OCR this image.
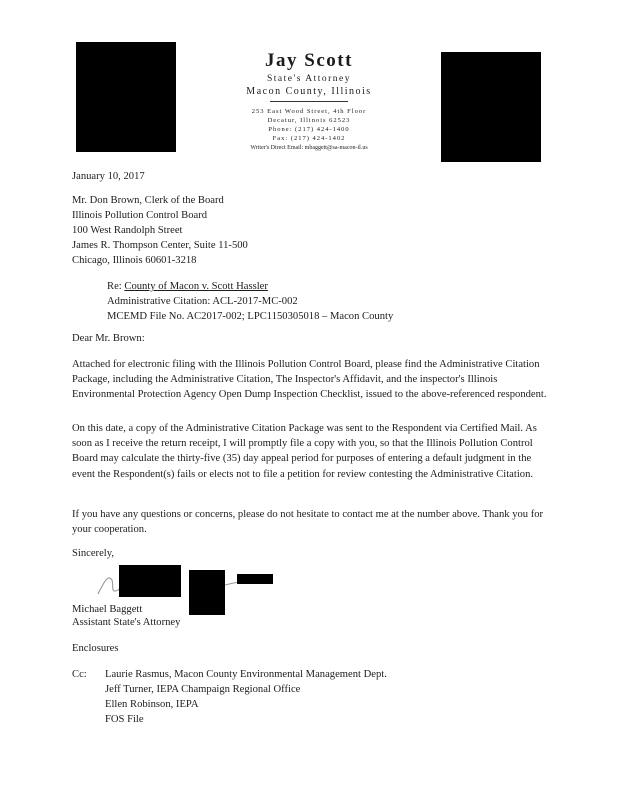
Jay Scott
State's Attorney
Macon County, Illinois
253 East Wood Street, 4th Floor
Decatur, Illinois 62523
Phone: (217) 424-1400
Fax: (217) 424-1402
Writer's Direct Email: mbaggett@sa-macon-il.us
January 10, 2017
Mr. Don Brown, Clerk of the Board
Illinois Pollution Control Board
100 West Randolph Street
James R. Thompson Center, Suite 11-500
Chicago, Illinois 60601-3218
Re: County of Macon v. Scott Hassler
Administrative Citation: ACL-2017-MC-002
MCEMD File No. AC2017-002; LPC1150305018 – Macon County
Dear Mr. Brown:
Attached for electronic filing with the Illinois Pollution Control Board, please find the Administrative Citation Package, including the Administrative Citation, The Inspector's Affidavit, and the inspector's Illinois Environmental Protection Agency Open Dump Inspection Checklist, issued to the above-referenced respondent.
On this date, a copy of the Administrative Citation Package was sent to the Respondent via Certified Mail. As soon as I receive the return receipt, I will promptly file a copy with you, so that the Illinois Pollution Control Board may calculate the thirty-five (35) day appeal period for purposes of entering a default judgment in the event the Respondent(s) fails or elects not to file a petition for review contesting the Administrative Citation.
If you have any questions or concerns, please do not hesitate to contact me at the number above. Thank you for your cooperation.
Sincerely,
Michael Baggett
Assistant State's Attorney
Enclosures
Cc:	Laurie Rasmus, Macon County Environmental Management Dept.
Jeff Turner, IEPA Champaign Regional Office
Ellen Robinson, IEPA
FOS File
